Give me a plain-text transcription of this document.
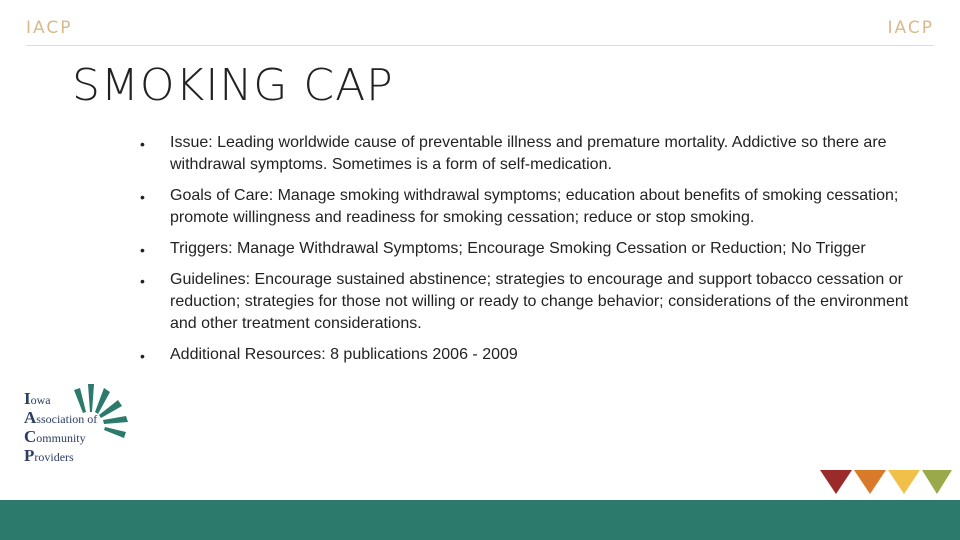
IACP	IACP
SMOKING CAP
• Issue: Leading worldwide cause of preventable illness and premature mortality. Addictive so there are withdrawal symptoms. Sometimes is a form of self-medication.
• Goals of Care: Manage smoking withdrawal symptoms; education about benefits of smoking cessation; promote willingness and readiness for smoking cessation; reduce or stop smoking.
• Triggers: Manage Withdrawal Symptoms; Encourage Smoking Cessation or Reduction; No Trigger
• Guidelines: Encourage sustained abstinence; strategies to encourage and support tobacco cessation or reduction; strategies for those not willing or ready to change behavior; considerations of the environment and other treatment considerations.
• Additional Resources: 8 publications 2006 - 2009
Iowa
Association of
Community
Providers
